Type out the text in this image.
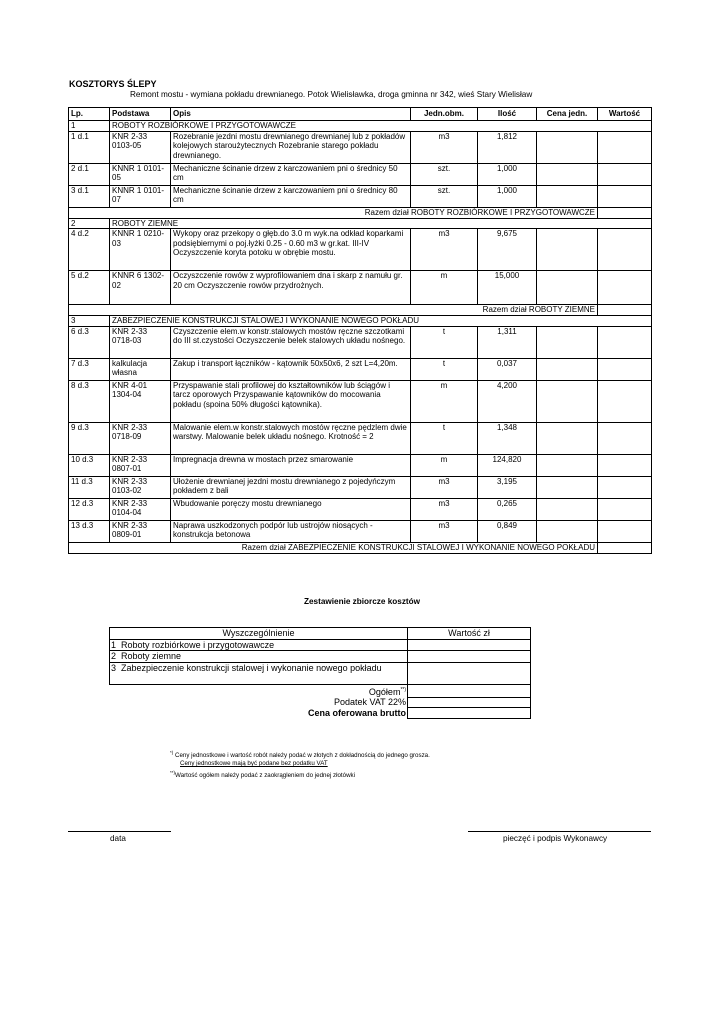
KOSZTORYS ŚLEPY
Remont mostu - wymiana pokładu drewnianego. Potok Wielisławka, droga gminna nr 342, wieś Stary Wielisław
Lp.	Podstawa	Opis	Jedn.obm.	Ilość	Cena jedn.	Wartość
1	ROBOTY ROZBIÓRKOWE I PRZYGOTOWAWCZE					
1 d.1	KNR 2-33 0103-05	Rozebranie jezdni mostu drewnianego drewnianej lub z pokładów kolejowych staroużytecznych Rozebranie starego pokładu drewnianego.	m3	1,812		
2 d.1	KNNR 1 0101-05	Mechaniczne ścinanie drzew z karczowaniem pni o średnicy 50 cm	szt.	1,000		
3 d.1	KNNR 1 0101-07	Mechaniczne ścinanie drzew z karczowaniem pni o średnicy 80 cm	szt.	1,000		
Razem dział ROBOTY ROZBIÓRKOWE I PRZYGOTOWAWCZE						
2	ROBOTY ZIEMNE					
4 d.2	KNNR 1 0210-03	Wykopy oraz przekopy o głęb.do 3.0 m wyk.na odkład koparkami podsiębiernymi o poj.łyżki 0.25 - 0.60 m3 w gr.kat. III-IV Oczyszczenie koryta potoku w obrębie mostu.	m3	9,675		
5 d.2	KNNR 6 1302-02	Oczyszczenie rowów z wyprofilowaniem dna i skarp z namułu gr. 20 cm Oczyszczenie rowów przydrożnych.	m	15,000		
Razem dział ROBOTY ZIEMNE						
3	ZABEZPIECZENIE KONSTRUKCJI STALOWEJ I WYKONANIE NOWEGO POKŁADU					
6 d.3	KNR 2-33 0718-03	Czyszczenie elem.w konstr.stalowych mostów ręczne szczotkami do III st.czystości Oczyszczenie belek stalowych układu nośnego.	t	1,311		
7 d.3	kalkulacja własna	Zakup i transport łączników - kątownik 50x50x6, 2 szt L=4,20m.	t	0,037		
8 d.3	KNR 4-01 1304-04	Przyspawanie stali profilowej do kształtowników lub ściągów i tarcz oporowych Przyspawanie kątowników do mocowania pokładu (spoina 50% długości kątownika).	m	4,200		
9 d.3	KNR 2-33 0718-09	Malowanie elem.w konstr.stalowych mostów ręczne pędzlem dwie warstwy. Malowanie belek układu nośnego. Krotność = 2	t	1,348		
10 d.3	KNR 2-33 0807-01	Impregnacja drewna w mostach przez smarowanie	m	124,820		
11 d.3	KNR 2-33 0103-02	Ułożenie drewnianej jezdni mostu drewnianego z pojedyńczym pokładem z bali	m3	3,195		
12 d.3	KNR 2-33 0104-04	Wbudowanie poręczy mostu drewnianego	m3	0,265		
13 d.3	KNR 2-33 0809-01	Naprawa uszkodzonych podpór lub ustrojów niosących - konstrukcja betonowa	m3	0,849		
Razem dział ZABEZPIECZENIE KONSTRUKCJI STALOWEJ I WYKONANIE NOWEGO POKŁADU						
Zestawienie zbiorcze kosztów
Wyszczególnienie	Wartość zł
1 Roboty rozbiórkowe i przygotowawcze	
2 Roboty ziemne	
3 Zabezpieczenie konstrukcji stalowej i wykonanie nowego pokładu	
Ogółem**)	
Podatek VAT 22%	
Cena oferowana brutto	
*) Ceny jednostkowe i wartość robót należy podać w złotych z dokładnością do jednego grosza.
Ceny jednostkowe mają być podane bez podatku VAT
**)Wartość ogółem należy podać z zaokrągleniem do jednej złotówki
data	pieczęć i podpis Wykonawcy
